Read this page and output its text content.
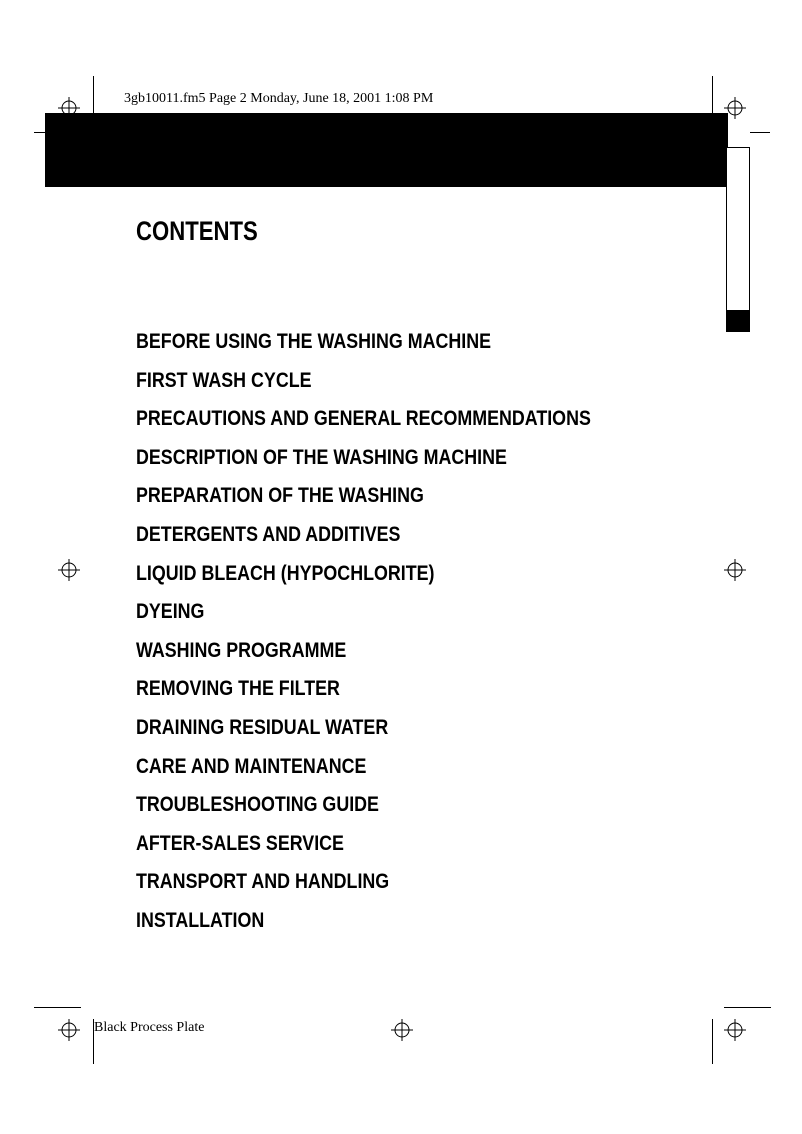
3gb10011.fm5 Page 2 Monday, June 18, 2001 1:08 PM
CONTENTS
BEFORE USING THE WASHING MACHINE
FIRST WASH CYCLE
PRECAUTIONS AND GENERAL RECOMMENDATIONS
DESCRIPTION OF THE WASHING MACHINE
PREPARATION OF THE WASHING
DETERGENTS AND ADDITIVES
LIQUID BLEACH (HYPOCHLORITE)
DYEING
WASHING PROGRAMME
REMOVING THE FILTER
DRAINING RESIDUAL WATER
CARE AND MAINTENANCE
TROUBLESHOOTING GUIDE
AFTER-SALES SERVICE
TRANSPORT AND HANDLING
INSTALLATION
Black Process Plate
